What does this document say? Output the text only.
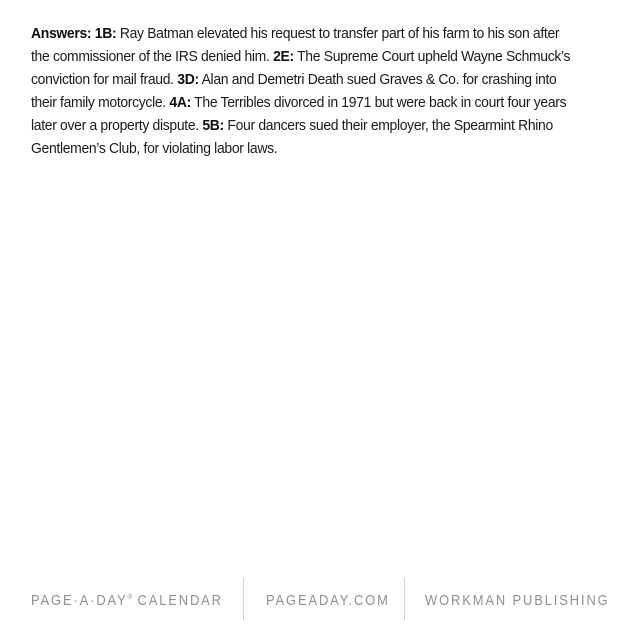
Answers: 1B: Ray Batman elevated his request to transfer part of his farm to his son after the commissioner of the IRS denied him. 2E: The Supreme Court upheld Wayne Schmuck’s conviction for mail fraud. 3D: Alan and Demetri Death sued Graves & Co. for crashing into their family motorcycle. 4A: The Terribles divorced in 1971 but were back in court four years later over a property dispute. 5B: Four dancers sued their employer, the Spearmint Rhino Gentlemen’s Club, for violating labor laws.

PAGE·A·DAY® CALENDAR	PAGEADAY.COM WORKMAN PUBLISHING
